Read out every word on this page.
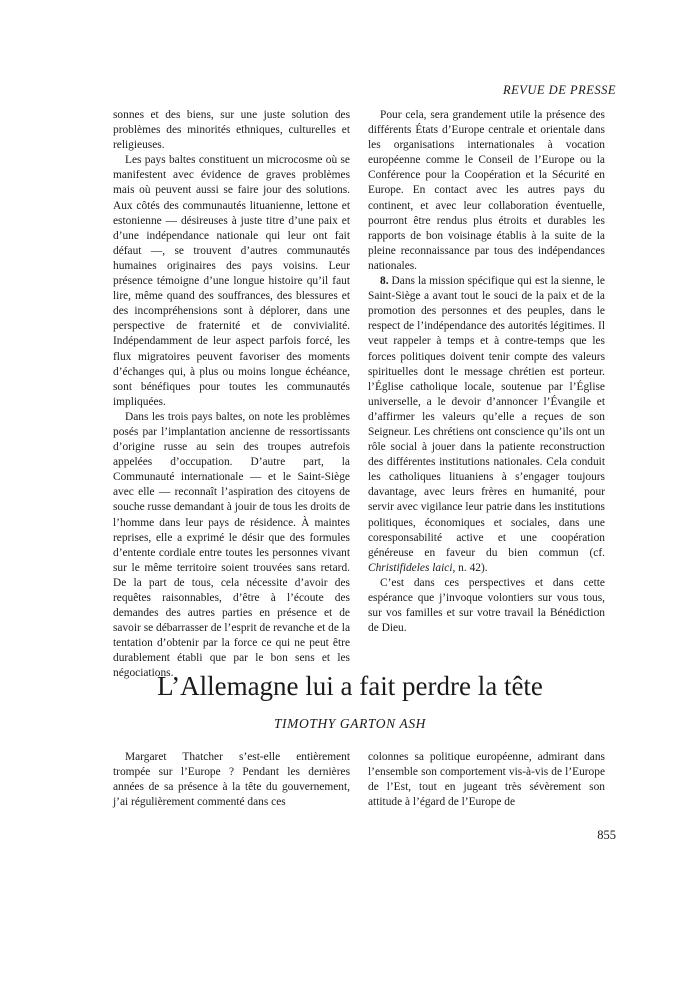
REVUE DE PRESSE

sonnes et des biens, sur une juste solution des problèmes des minorités ethniques, culturelles et religieuses.

Les pays baltes constituent un microcosme où se manifestent avec évidence de graves problèmes mais où peuvent aussi se faire jour des solutions. Aux côtés des communautés lituanienne, lettone et estonienne — désireuses à juste titre d’une paix et d’une indépendance nationale qui leur ont fait défaut —, se trouvent d’autres communautés humaines originaires des pays voisins. Leur présence témoigne d’une longue histoire qu’il faut lire, même quand des souffrances, des blessures et des incompréhensions sont à déplorer, dans une perspective de fraternité et de convivialité. Indépendamment de leur aspect parfois forcé, les flux migratoires peuvent favoriser des moments d’échanges qui, à plus ou moins longue échéance, sont bénéfiques pour toutes les communautés impliquées.

Dans les trois pays baltes, on note les problèmes posés par l’implantation ancienne de ressortissants d’origine russe au sein des troupes autrefois appelées d’occupation. D’autre part, la Communauté internationale — et le Saint-Siège avec elle — reconnaît l’aspiration des citoyens de souche russe demandant à jouir de tous les droits de l’homme dans leur pays de résidence. À maintes reprises, elle a exprimé le désir que des formules d’entente cordiale entre toutes les personnes vivant sur le même territoire soient trouvées sans retard. De la part de tous, cela nécessite d’avoir des requêtes raisonnables, d’être à l’écoute des demandes des autres parties en présence et de savoir se débarrasser de l’esprit de revanche et de la tentation d’obtenir par la force ce qui ne peut être durablement établi que par le bon sens et les négociations.

Pour cela, sera grandement utile la présence des différents États d’Europe centrale et orientale dans les organisations internationales à vocation européenne comme le Conseil de l’Europe ou la Conférence pour la Coopération et la Sécurité en Europe. En contact avec les autres pays du continent, et avec leur collaboration éventuelle, pourront être rendus plus étroits et durables les rapports de bon voisinage établis à la suite de la pleine reconnaissance par tous des indépendances nationales.

8. Dans la mission spécifique qui est la sienne, le Saint-Siège a avant tout le souci de la paix et de la promotion des personnes et des peuples, dans le respect de l’indépendance des autorités légitimes. Il veut rappeler à temps et à contre-temps que les forces politiques doivent tenir compte des valeurs spirituelles dont le message chrétien est porteur. l’Église catholique locale, soutenue par l’Église universelle, a le devoir d’annoncer l’Évangile et d’affirmer les valeurs qu’elle a reçues de son Seigneur. Les chrétiens ont conscience qu’ils ont un rôle social à jouer dans la patiente reconstruction des différentes institutions nationales. Cela conduit les catholiques lituaniens à s’engager toujours davantage, avec leurs frères en humanité, pour servir avec vigilance leur patrie dans les institutions politiques, économiques et sociales, dans une coresponsabilité active et une coopération généreuse en faveur du bien commun (cf. Christifideles laici, n. 42).

C’est dans ces perspectives et dans cette espérance que j’invoque volontiers sur vous tous, sur vos familles et sur votre travail la Bénédiction de Dieu.

L’Allemagne lui a fait perdre la tête
TIMOTHY GARTON ASH

Margaret Thatcher s’est-elle entièrement trompée sur l’Europe ? Pendant les dernières années de sa présence à la tête du gouvernement, j’ai régulièrement commenté dans ces

colonnes sa politique européenne, admirant dans l’ensemble son comportement vis-à-vis de l’Europe de l’Est, tout en jugeant très sévèrement son attitude à l’égard de l’Europe de

855
